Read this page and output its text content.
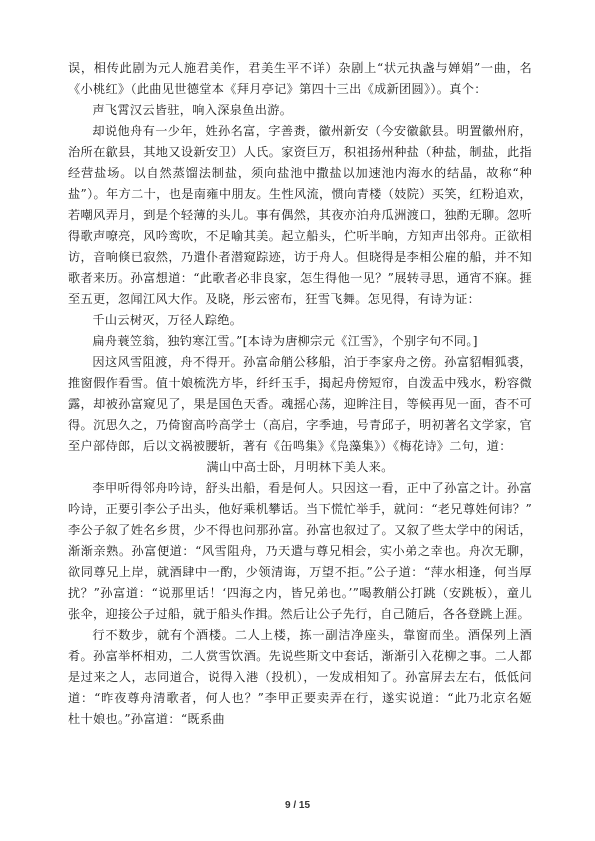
误，相传此剧为元人施君美作，君美生平不详）杂剧上“状元执盏与婵娟”一曲，名《小桃红》（此曲见世德堂本《拜月亭记》第四十三出《成新团圆》）。真个：

声飞霄汉云皆驻，响入深泉鱼出游。

却说他舟有一少年，姓孙名富，字善赉，徽州新安（今安徽歙县。明置徽州府，治所在歙县，其地又设新安卫）人氏。家资巨万，积祖扬州种盐（种盐，制盐，此指经营盐场。以自然蒸馏法制盐，须向盐池中撒盐以加速池内海水的结晶，故称“种盐”）。年方二十，也是南雍中朋友。生性风流，惯向青楼（妓院）买笑，红粉追欢，若嘲风弄月，到是个轻薄的头儿。事有偶然，其夜亦泊舟瓜洲渡口，独酌无聊。忽听得歌声嘹亮，风吟鸾吹，不足喻其美。起立船头，伫听半晌，方知声出邻舟。正欲相访，音响倏已寂然，乃遣仆者潜窥踪迹，访于舟人。但晓得是李相公雇的船，并不知歌者来历。孙富想道：“此歌者必非良家，怎生得他一见？”展转寻思，通宵不寐。捱至五更，忽闻江风大作。及晓，彤云密布，狂雪飞舞。怎见得，有诗为证：

千山云树灭，万径人踪绝。

扁舟蓑笠翁，独钓寒江雪。”[本诗为唐柳宗元《江雪》，个别字句不同。]

因这风雪阻渡，舟不得开。孙富命艄公移船，泊于李家舟之傍。孙富貂帽狐裘，推窗假作看雪。值十娘梳洗方毕，纤纤玉手，揭起舟傍短帘，自泼盂中残水，粉容微露，却被孙富窥见了，果是国色天香。魂摇心荡，迎眸注目，等候再见一面，杳不可得。沉思久之，乃倚窗高吟高学士（高启，字季迪，号青邱子，明初著名文学家，官至户部侍郎，后以文祸被腰斩，著有《缶鸣集》《凫藻集》）《梅花诗》二句，道：

满山中高士卧，月明林下美人来。

李甲听得邻舟吟诗，舒头出船，看是何人。只因这一看，正中了孙富之计。孙富吟诗，正要引李公子出头，他好乘机攀话。当下慌忙举手，就问：“老兄尊姓何讳？” 李公子叙了姓名乡贯，少不得也问那孙富。孙富也叙过了。又叙了些太学中的闲话，渐渐亲熟。孙富便道：“风雪阻舟，乃天遣与尊兄相会，实小弟之幸也。舟次无聊，欲同尊兄上岸，就酒肆中一酌，少领清诲，万望不拒。”公子道：“萍水相逢，何当厚扰？”孙富道：“说那里话！‘四海之内，皆兄弟也。’”喝教艄公打跳（安跳板），童儿张伞，迎接公子过船，就于船头作揖。然后让公子先行，自己随后，各各登跳上涯。

行不数步，就有个酒楼。二人上楼，拣一副洁净座头，靠窗而坐。酒保列上酒肴。孙富举杯相劝，二人赏雪饮酒。先说些斯文中套话，渐渐引入花柳之事。二人都是过来之人，志同道合，说得入港（投机），一发成相知了。孙富屏去左右，低低问道：“昨夜尊舟清歌者，何人也？”李甲正要卖弄在行，遂实说道：“此乃北京名姬　杜十娘也。”孙富道：“既系曲

9 / 15
